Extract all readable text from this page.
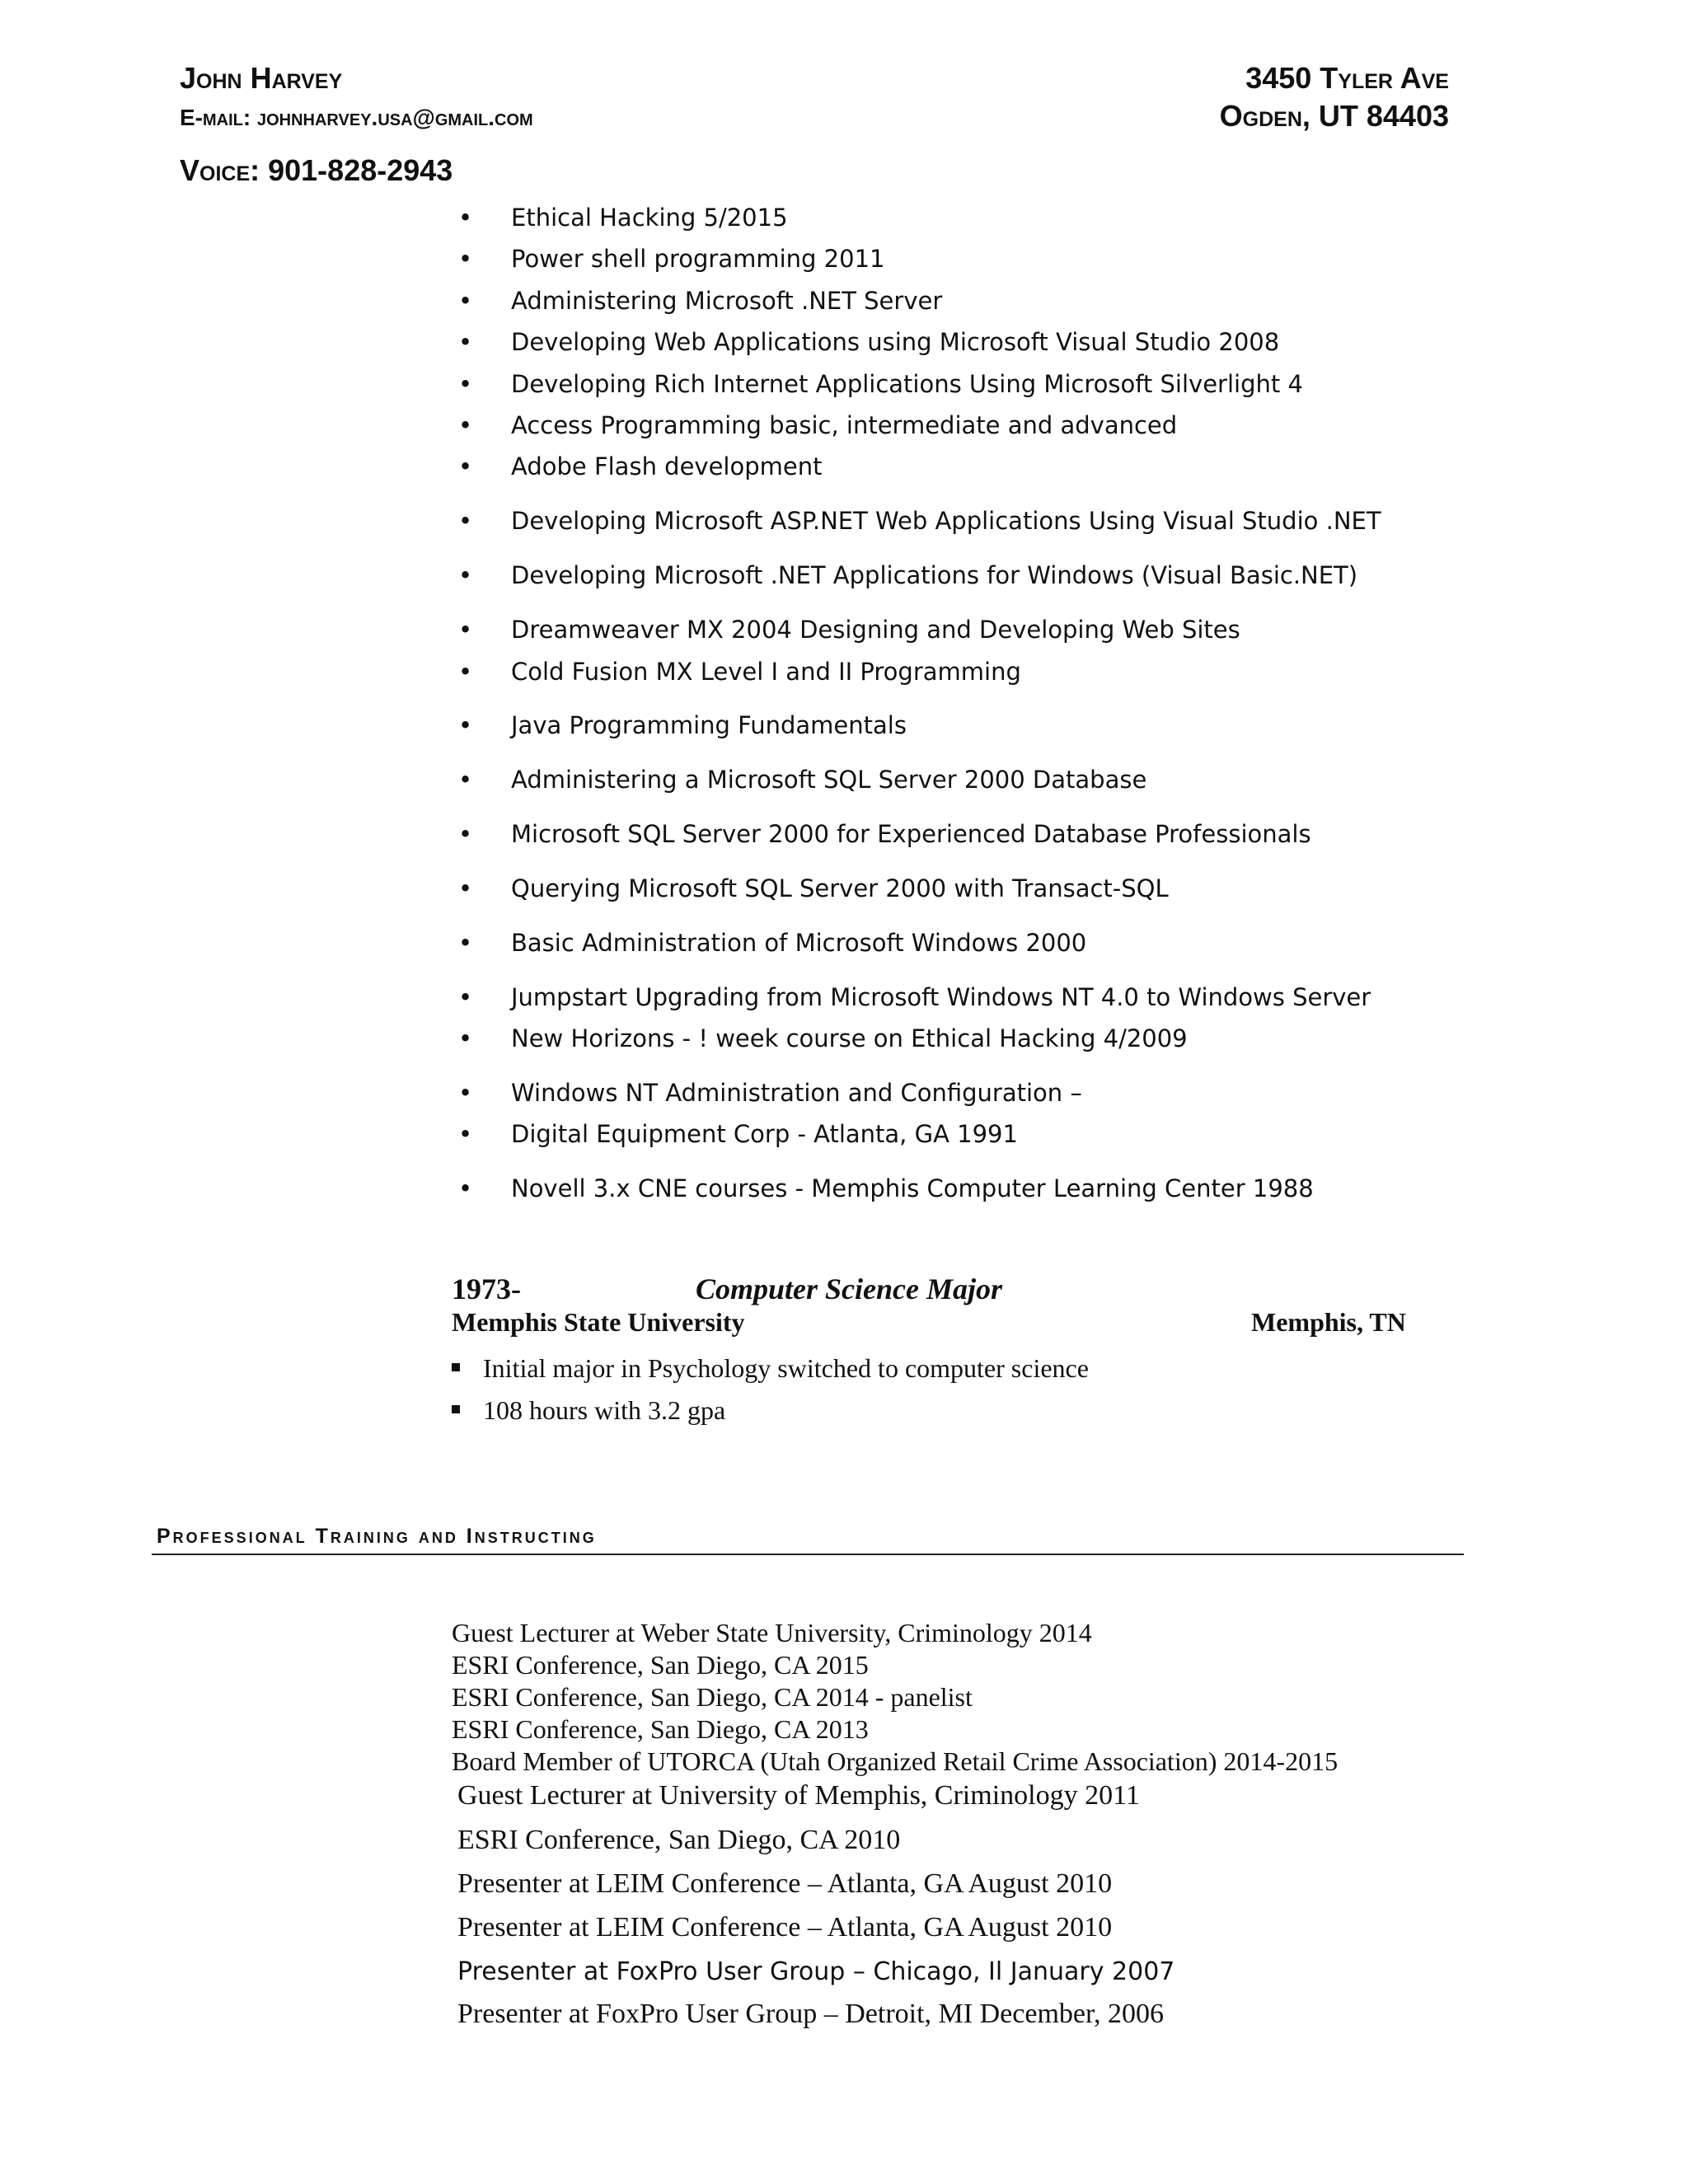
John Harvey
E-mail: johnharvey.usa@gmail.com
Voice: 901-828-2943
3450 Tyler Ave
Ogden, UT 84403
• Ethical Hacking 5/2015
• Power shell programming 2011
• Administering Microsoft .NET Server
• Developing Web Applications using Microsoft Visual Studio 2008
• Developing Rich Internet Applications Using Microsoft Silverlight 4
• Access Programming basic, intermediate and advanced
• Adobe Flash development
• Developing Microsoft ASP.NET Web Applications Using Visual Studio .NET
• Developing Microsoft .NET Applications for Windows (Visual Basic.NET)
• Dreamweaver MX 2004 Designing and Developing Web Sites
• Cold Fusion MX Level I and II Programming
• Java Programming Fundamentals
• Administering a Microsoft SQL Server 2000 Database
• Microsoft SQL Server 2000 for Experienced Database Professionals
• Querying Microsoft SQL Server 2000 with Transact-SQL
• Basic Administration of Microsoft Windows 2000
• Jumpstart Upgrading from Microsoft Windows NT 4.0 to Windows Server
• New Horizons - ! week course on Ethical Hacking 4/2009
• Windows NT Administration and Configuration –
• Digital Equipment Corp - Atlanta, GA 1991
• Novell 3.x CNE courses - Memphis Computer Learning Center 1988
1973-	Computer Science Major
Memphis State University	Memphis, TN
Initial major in Psychology switched to computer science
108 hours with 3.2 gpa
Professional Training and Instructing

Guest Lecturer at Weber State University, Criminology 2014

ESRI Conference, San Diego, CA 2015

ESRI Conference, San Diego, CA 2014 - panelist

ESRI Conference, San Diego, CA 2013

Board Member of UTORCA (Utah Organized Retail Crime Association) 2014-2015

Guest Lecturer at University of Memphis, Criminology 2011

ESRI Conference, San Diego, CA 2010

Presenter at LEIM Conference – Atlanta, GA August 2010

Presenter at LEIM Conference – Atlanta, GA August 2010

Presenter at FoxPro User Group – Chicago, Il January 2007

Presenter at FoxPro User Group – Detroit, MI December, 2006
